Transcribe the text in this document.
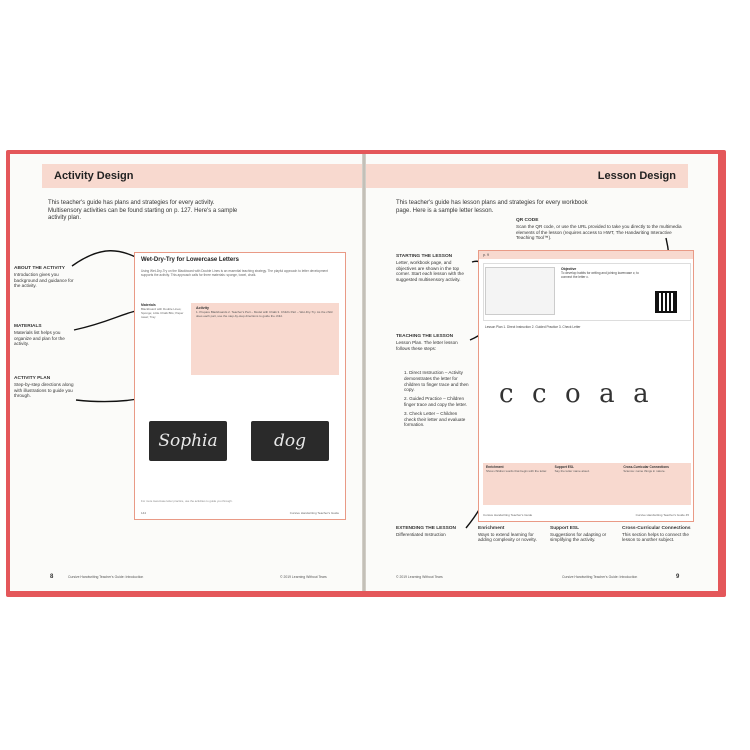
Activity Design
This teacher's guide has plans and strategies for every activity. Multisensory activities can be found starting on p. 127. Here's a sample activity plan.
ABOUT THE ACTIVITY
Introduction gives you background and guidance for the activity.
MATERIALS
Materials list helps you organize and plan for the activity.
ACTIVITY PLAN
Step-by-step directions along with illustrations to guide you through.
Wet-Dry-Try for Lowercase Letters
Using Wet-Dry-Try on the Blackboard with Double Lines is an essential teaching strategy. The playful approach to letter development supports the activity. This approach calls for three materials: sponge, towel, chalk.
Materials
Blackboard with Double Lines; Sponge; Little Chalk Bits; Paper towel; Tray
Activity
1. Prepare Blackboards 2. Teacher's Part – Model with Chalk 3. Child's Part – Wet-Dry-Try. As the child does each part, use the step-by-step directions to guide the child.
Sophia	dog
For more lowercase letter practice, use the activities to guide you through.
144	Cursive Handwriting Teacher's Guide
8	Cursive Handwriting Teacher's Guide: Introduction	© 2019 Learning Without Tears
Lesson Design
This teacher's guide has lesson plans and strategies for every workbook page. Here is a sample letter lesson.
QR CODE
Scan the QR code, or use the URL provided to take you directly to the multimedia elements of the lesson (requires access to HWT, The Handwriting Interactive Teaching Tool™).
STARTING THE LESSON
Letter, workbook page, and objectives are shown in the top corner. Start each lesson with the suggested multisensory activity.
TEACHING THE LESSON
Lesson Plan. The letter lesson follows these steps:
1. Direct Instruction – Activity demonstrates the letter for children to finger trace and then copy.
2. Guided Practice – Children finger trace and copy the letter.
3. Check Letter – Children check their letter and evaluate formation.
EXTENDING THE LESSON
Differentiated Instruction
p. 9
Objective
To develop habits for writing and joining lowercase c; to connect the letter c.
Lesson Plan 1. Direct Instruction 2. Guided Practice 3. Check Letter
c c o a a
Enrichment
Show children words that begin with the letter.
Support ESL
Say the letter name aloud.
Cross-Curricular Connections
Science: name things in nature.
Cursive Handwriting Teacher's Guide	Cursive Handwriting Teacher's Guide 45
Enrichment
Ways to extend learning for adding complexity or novelty.
Support ESL
Suggestions for adapting or simplifying the activity.
Cross-Curricular Connections
This section helps to connect the lesson to another subject.
© 2019 Learning Without Tears	Cursive Handwriting Teacher's Guide: Introduction	9
